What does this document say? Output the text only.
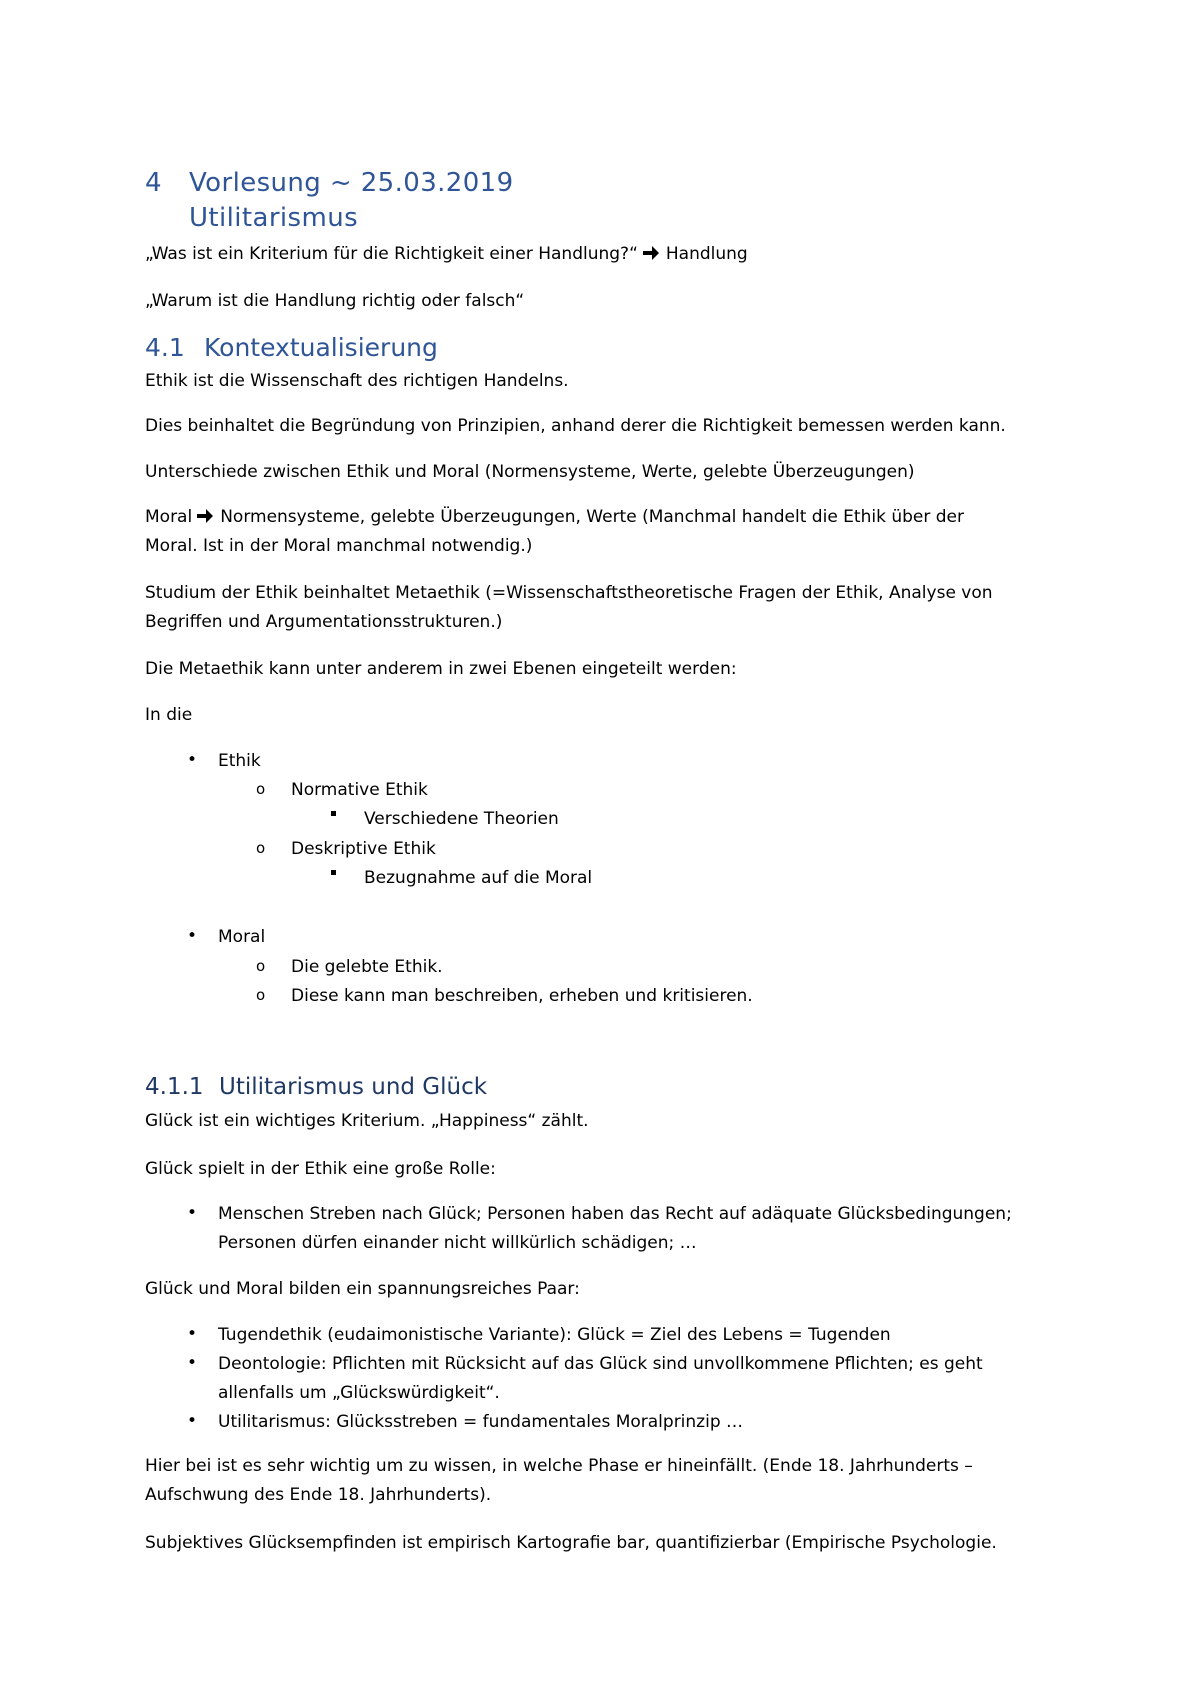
4 Vorlesung ~ 25.03.2019
Utilitarismus
„Was ist ein Kriterium für die Richtigkeit einer Handlung?“ Handlung
„Warum ist die Handlung richtig oder falsch“
4.1 Kontextualisierung
Ethik ist die Wissenschaft des richtigen Handelns.
Dies beinhaltet die Begründung von Prinzipien, anhand derer die Richtigkeit bemessen werden kann.
Unterschiede zwischen Ethik und Moral (Normensysteme, Werte, gelebte Überzeugungen)
Moral Normensysteme, gelebte Überzeugungen, Werte (Manchmal handelt die Ethik über der
Moral. Ist in der Moral manchmal notwendig.)
Studium der Ethik beinhaltet Metaethik (=Wissenschaftstheoretische Fragen der Ethik, Analyse von
Begriffen und Argumentationsstrukturen.)
Die Metaethik kann unter anderem in zwei Ebenen eingeteilt werden:
In die
• Ethik
o Normative Ethik
Verschiedene Theorien
o Deskriptive Ethik
Bezugnahme auf die Moral
• Moral
o Die gelebte Ethik.
o Diese kann man beschreiben, erheben und kritisieren.
4.1.1 Utilitarismus und Glück
Glück ist ein wichtiges Kriterium. „Happiness“ zählt.
Glück spielt in der Ethik eine große Rolle:
• Menschen Streben nach Glück; Personen haben das Recht auf adäquate Glücksbedingungen;
Personen dürfen einander nicht willkürlich schädigen; …
Glück und Moral bilden ein spannungsreiches Paar:
• Tugendethik (eudaimonistische Variante): Glück = Ziel des Lebens = Tugenden
• Deontologie: Pflichten mit Rücksicht auf das Glück sind unvollkommene Pflichten; es geht
allenfalls um „Glückswürdigkeit“.
• Utilitarismus: Glücksstreben = fundamentales Moralprinzip …
Hier bei ist es sehr wichtig um zu wissen, in welche Phase er hineinfällt. (Ende 18. Jahrhunderts –
Aufschwung des Ende 18. Jahrhunderts).
Subjektives Glücksempfinden ist empirisch Kartografie bar, quantifizierbar (Empirische Psychologie.
